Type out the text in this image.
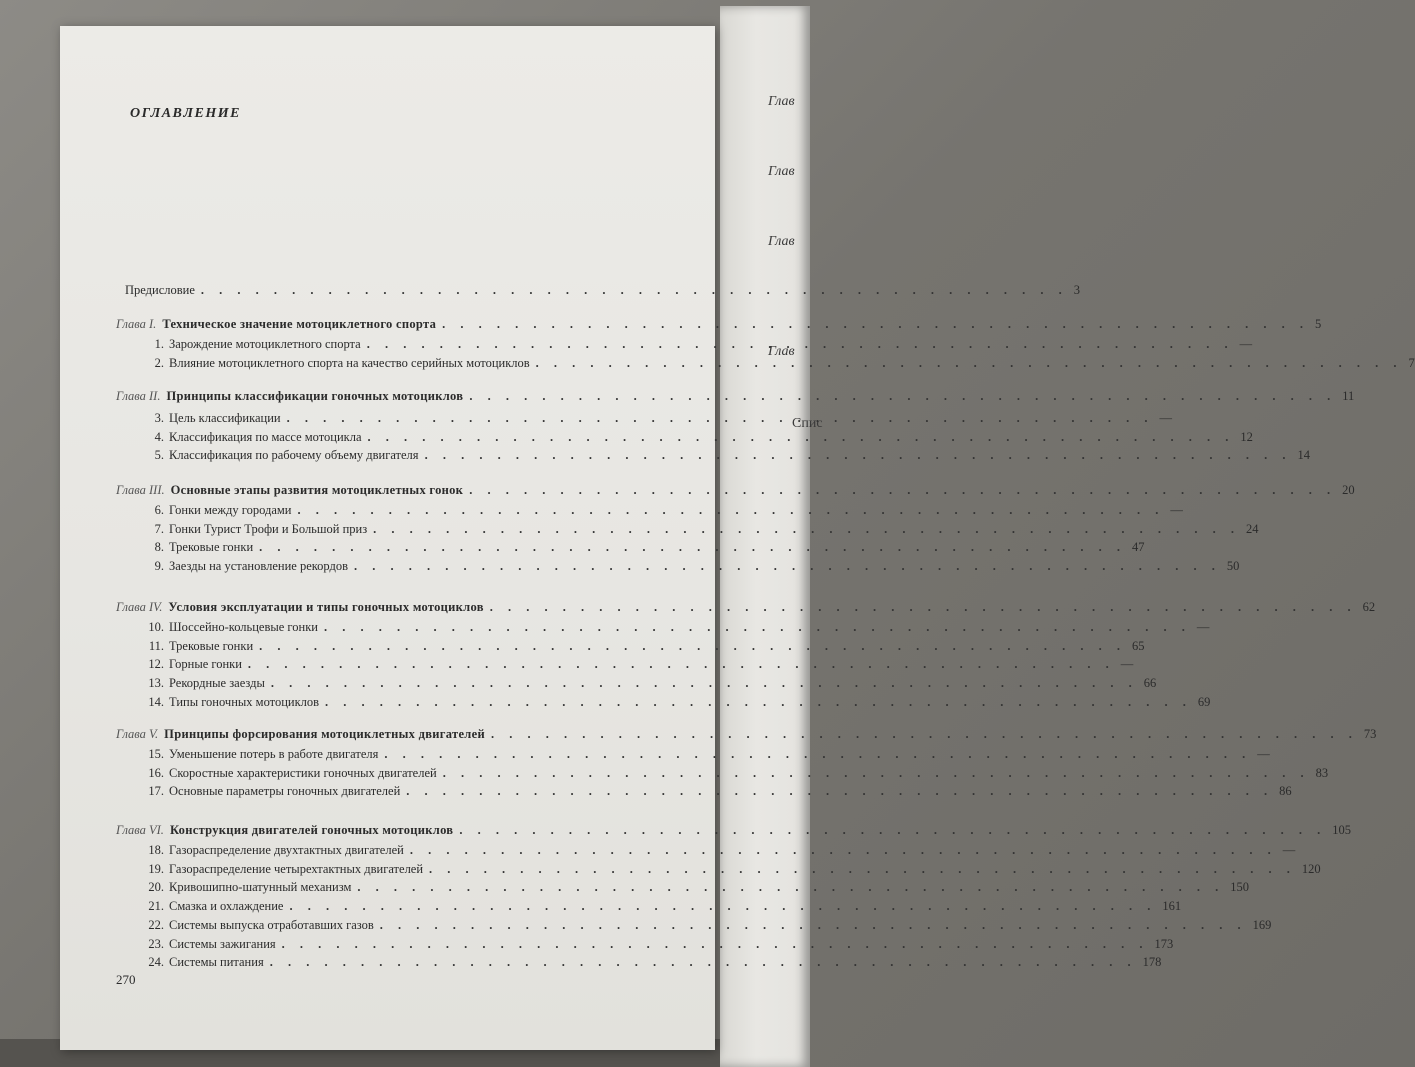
Глав
Глав
Глав
Глав
Спис
ОГЛАВЛЕНИЕ
Предисловие . . .	3
Глава I. Техническое значение мотоциклетного спорта . . .	5
1. Зарождение мотоциклетного спорта . . .	—
2. Влияние мотоциклетного спорта на качество серийных мотоциклов . . .	7
Глава II. Принципы классификации гоночных мотоциклов . . .	11
3. Цель классификации . . .	—
4. Классификация по массе мотоцикла . . .	12
5. Классификация по рабочему объему двигателя . . .	14
Глава III. Основные этапы развития мотоциклетных гонок . . .	20
6. Гонки между городами . . .	—
7. Гонки Турист Трофи и Большой приз . . .	24
8. Трековые гонки . . .	47
9. Заезды на установление рекордов . . .	50
Глава IV. Условия эксплуатации и типы гоночных мотоциклов . . .	62
10. Шоссейно-кольцевые гонки . . .	—
11. Трековые гонки . . .	65
12. Горные гонки . . .	—
13. Рекордные заезды . . .	66
14. Типы гоночных мотоциклов . . .	69
Глава V. Принципы форсирования мотоциклетных двигателей . . .	73
15. Уменьшение потерь в работе двигателя . . .	—
16. Скоростные характеристики гоночных двигателей . . .	83
17. Основные параметры гоночных двигателей . . .	86
Глава VI. Конструкция двигателей гоночных мотоциклов . . .	105
18. Газораспределение двухтактных двигателей . . .	—
19. Газораспределение четырехтактных двигателей . . .	120
20. Кривошипно-шатунный механизм . . .	150
21. Смазка и охлаждение . . .	161
22. Системы выпуска отработавших газов . . .	169
23. Системы зажигания . . .	173
24. Системы питания . . .	178
270
